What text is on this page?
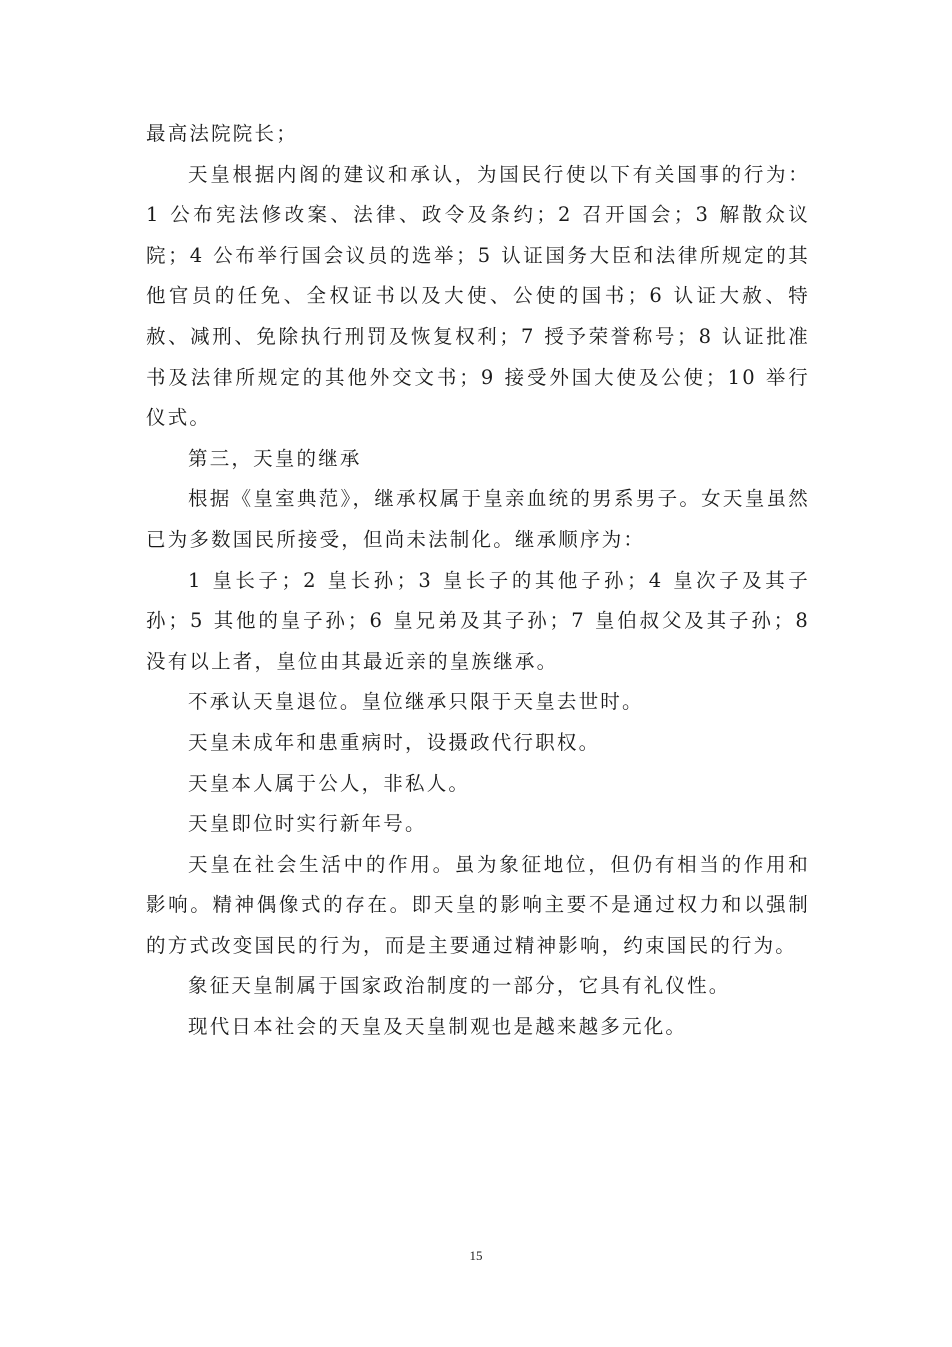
最高法院院长；

天皇根据内阁的建议和承认，为国民行使以下有关国事的行为：1 公布宪法修改案、法律、政令及条约；2 召开国会；3 解散众议院；4 公布举行国会议员的选举；5 认证国务大臣和法律所规定的其他官员的任免、全权证书以及大使、公使的国书；6 认证大赦、特赦、减刑、免除执行刑罚及恢复权利；7 授予荣誉称号；8 认证批准书及法律所规定的其他外交文书；9 接受外国大使及公使；10 举行仪式。

第三，天皇的继承

根据《皇室典范》，继承权属于皇亲血统的男系男子。女天皇虽然已为多数国民所接受，但尚未法制化。继承顺序为：

1 皇长子；2 皇长孙；3 皇长子的其他子孙；4 皇次子及其子孙；5 其他的皇子孙；6 皇兄弟及其子孙；7 皇伯叔父及其子孙；8 没有以上者，皇位由其最近亲的皇族继承。

不承认天皇退位。皇位继承只限于天皇去世时。

天皇未成年和患重病时，设摄政代行职权。

天皇本人属于公人，非私人。

天皇即位时实行新年号。

天皇在社会生活中的作用。虽为象征地位，但仍有相当的作用和影响。精神偶像式的存在。即天皇的影响主要不是通过权力和以强制的方式改变国民的行为，而是主要通过精神影响，约束国民的行为。

象征天皇制属于国家政治制度的一部分，它具有礼仪性。

现代日本社会的天皇及天皇制观也是越来越多元化。

15
